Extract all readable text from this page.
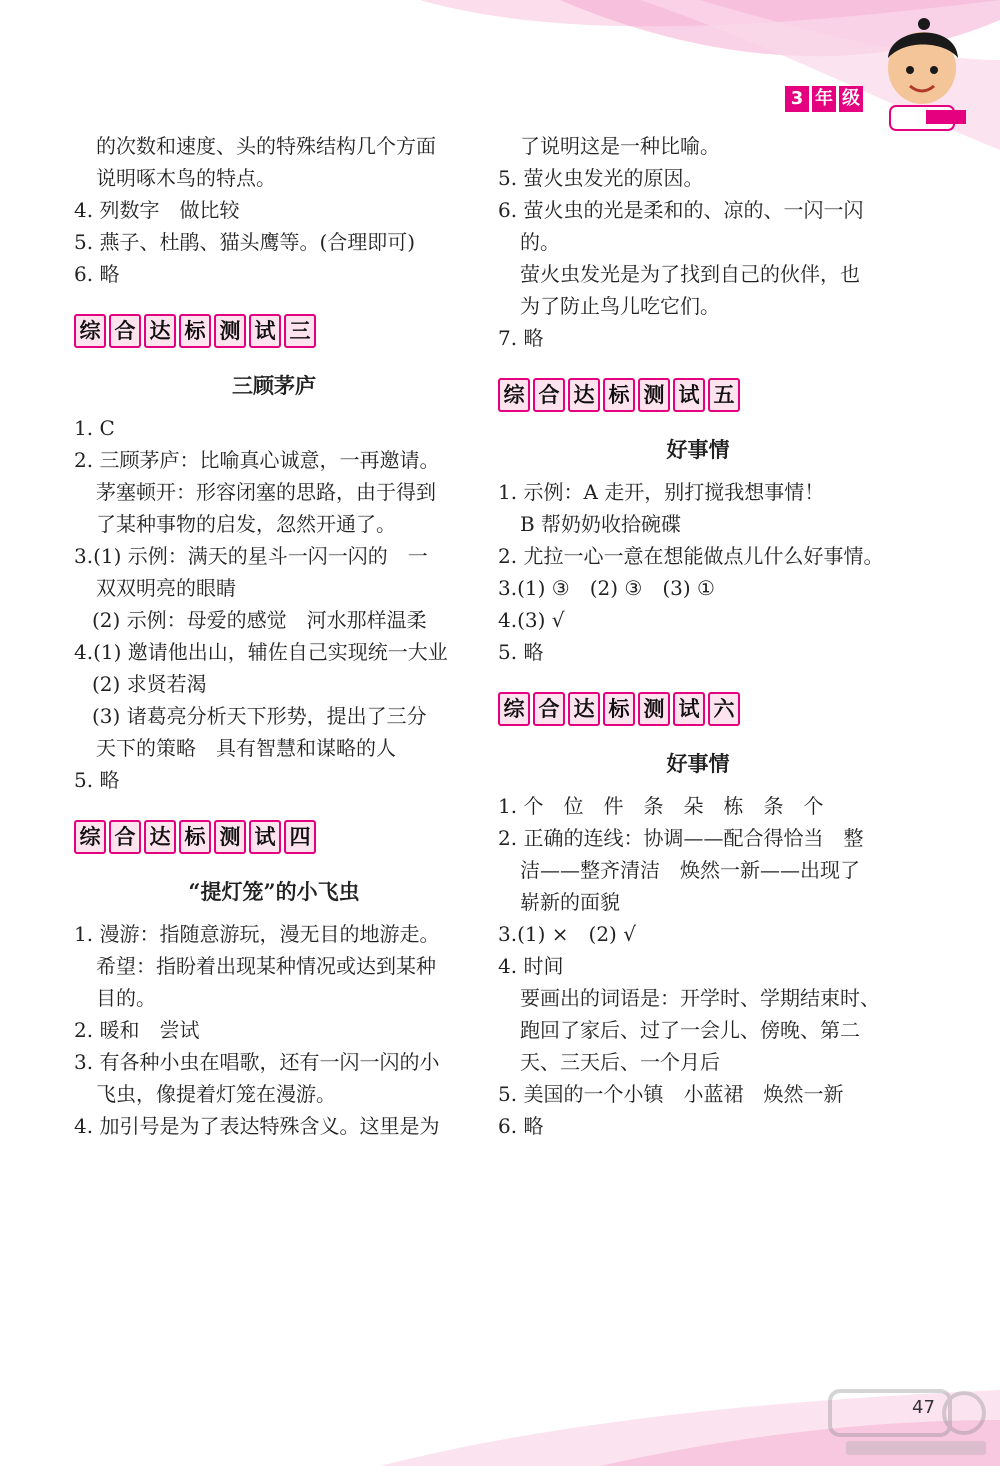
3 年 级
的次数和速度、头的特殊结构几个方面
说明啄木鸟的特点。
4. 列数字　做比较
5. 燕子、杜鹃、猫头鹰等。(合理即可)
6. 略
综 合 达 标 测 试 三
三顾茅庐
1. C
2. 三顾茅庐：比喻真心诚意，一再邀请。
茅塞顿开：形容闭塞的思路，由于得到
了某种事物的启发，忽然开通了。
3.(1) 示例：满天的星斗一闪一闪的　一
双双明亮的眼睛
(2) 示例：母爱的感觉　河水那样温柔
4.(1) 邀请他出山，辅佐自己实现统一大业
(2) 求贤若渴
(3) 诸葛亮分析天下形势，提出了三分
天下的策略　具有智慧和谋略的人
5. 略
综 合 达 标 测 试 四
“提灯笼”的小飞虫
1. 漫游：指随意游玩，漫无目的地游走。
希望：指盼着出现某种情况或达到某种
目的。
2. 暖和　尝试
3. 有各种小虫在唱歌，还有一闪一闪的小
飞虫，像提着灯笼在漫游。
4. 加引号是为了表达特殊含义。这里是为
了说明这是一种比喻。
5. 萤火虫发光的原因。
6. 萤火虫的光是柔和的、凉的、一闪一闪
的。
萤火虫发光是为了找到自己的伙伴，也
为了防止鸟儿吃它们。
7. 略
综 合 达 标 测 试 五
好事情
1. 示例：A 走开，别打搅我想事情！
B 帮奶奶收拾碗碟
2. 尤拉一心一意在想能做点儿什么好事情。
3.(1) ③　(2) ③　(3) ①
4.(3) √
5. 略
综 合 达 标 测 试 六
好事情
1. 个　位　件　条　朵　栋　条　个
2. 正确的连线：协调——配合得恰当　整
洁——整齐清洁　焕然一新——出现了
崭新的面貌
3.(1) ×　(2) √
4. 时间
要画出的词语是：开学时、学期结束时、
跑回了家后、过了一会儿、傍晚、第二
天、三天后、一个月后
5. 美国的一个小镇　小蓝裙　焕然一新
6. 略
47
